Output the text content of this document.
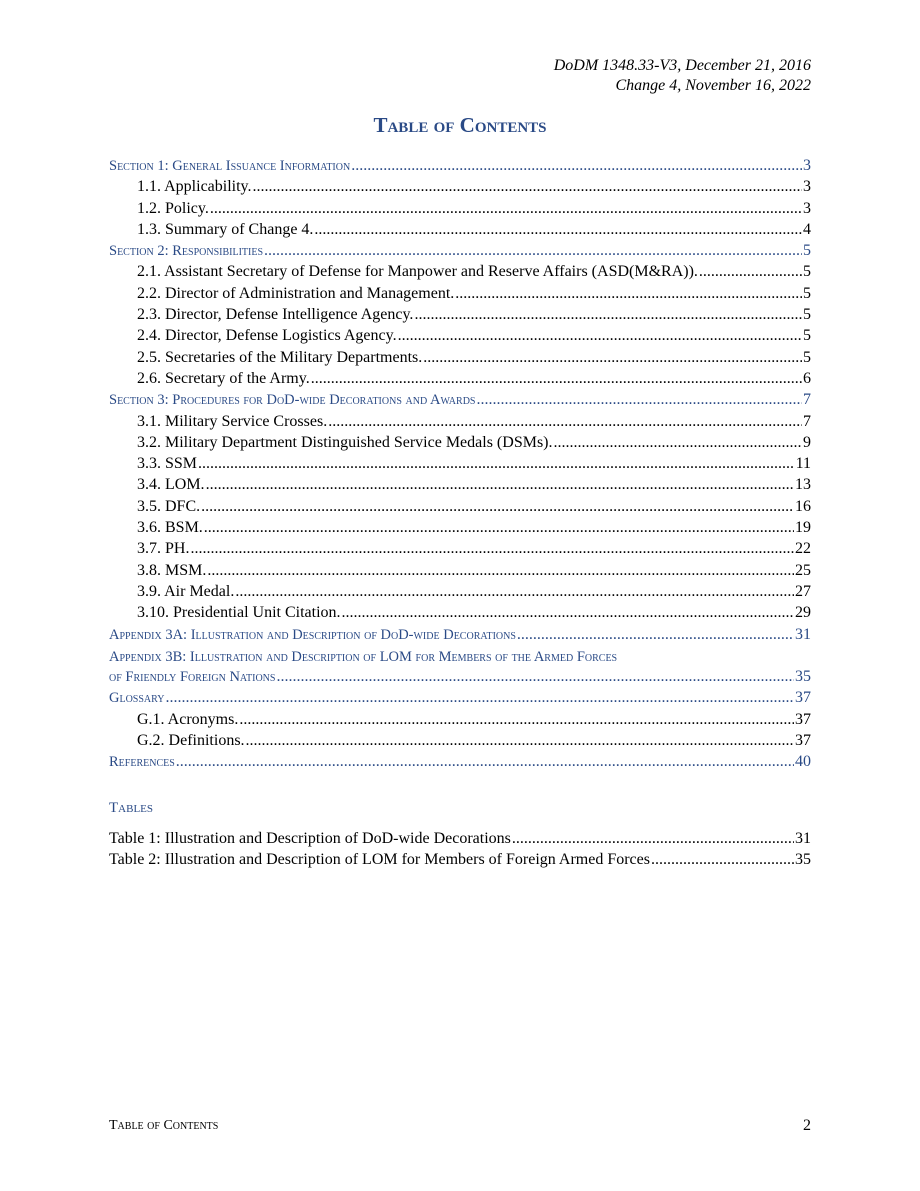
DoDM 1348.33-V3, December 21, 2016
Change 4, November 16, 2022
Table of Contents
Section 1: General Issuance Information .....	3
1.1. Applicability. .....	3
1.2. Policy. .....	3
1.3. Summary of Change 4. .....	4
Section 2: Responsibilities .....	5
2.1. Assistant Secretary of Defense for Manpower and Reserve Affairs (ASD(M&RA)). .....	5
2.2. Director of Administration and Management. .....	5
2.3. Director, Defense Intelligence Agency. .....	5
2.4. Director, Defense Logistics Agency. .....	5
2.5. Secretaries of the Military Departments. .....	5
2.6. Secretary of the Army. .....	6
Section 3: Procedures for DoD-wide Decorations and Awards .....	7
3.1. Military Service Crosses. .....	7
3.2. Military Department Distinguished Service Medals (DSMs). .....	9
3.3. SSM .....	11
3.4. LOM. .....	13
3.5. DFC. .....	16
3.6. BSM. .....	19
3.7. PH. .....	22
3.8. MSM. .....	25
3.9. Air Medal. .....	27
3.10. Presidential Unit Citation. .....	29
Appendix 3A: Illustration and Description of DoD-wide Decorations .....	31
Appendix 3B: Illustration and Description of LOM for Members of the Armed Forces
of Friendly Foreign Nations .....	35
Glossary .....	37
G.1. Acronyms. .....	37
G.2. Definitions. .....	37
References .....	40
Tables
Table 1: Illustration and Description of DoD-wide Decorations .....	31
Table 2: Illustration and Description of LOM for Members of Foreign Armed Forces .....	35
Table of Contents	2
